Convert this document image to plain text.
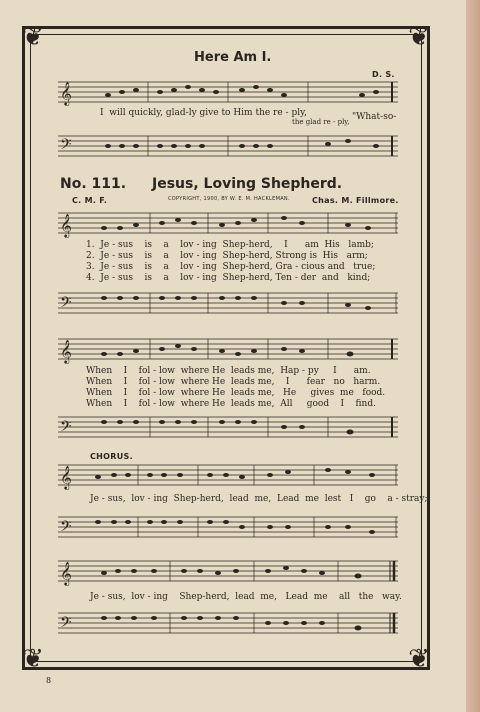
❦	❦
❦	❦
Here Am I.
D. S.
𝄞
I  will quickly, glad-ly give to Him the re - ply,
the glad re - ply, "What-so-
𝄢
No. 111. Jesus, Loving Shepherd.
C. M. F.	COPYRIGHT, 1900, BY W. E. M. HACKLEMAN.	Chas. M. Fillmore.
𝄞
1.  Je - sus    is    a    lov - ing  Shep-herd,    I      am  His   lamb;
2.  Je - sus    is    a    lov - ing  Shep-herd, Strong is  His   arm;
3.  Je - sus    is    a    lov - ing  Shep-herd, Gra - cious and   true;
4.  Je - sus    is    a    lov - ing  Shep-herd, Ten - der  and   kind;
𝄢
𝄞
When    I    fol - low  where He  leads me,  Hap - py     I      am.
When    I    fol - low  where He  leads me,    I      fear   no   harm.
When    I    fol - low  where He  leads me,   He     gives  me   food.
When    I    fol - low  where He  leads me,  All     good    I    find.
𝄢
CHORUS.
𝄞
Je - sus,  lov - ing  Shep-herd,  lead  me,  Lead  me  lest   I    go    a - stray;
𝄢
𝄞
Je - sus,  lov - ing    Shep-herd,  lead  me,   Lead  me    all   the   way.
𝄢
8
